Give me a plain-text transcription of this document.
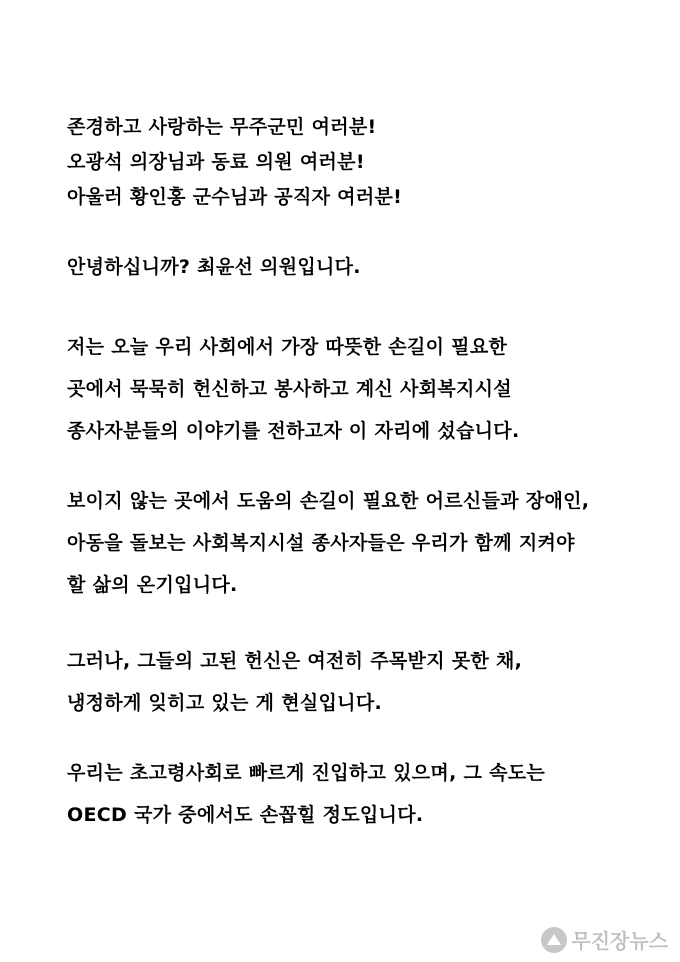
존경하고 사랑하는 무주군민 여러분!
오광석 의장님과 동료 의원 여러분!
아울러 황인홍 군수님과 공직자 여러분!
안녕하십니까? 최윤선 의원입니다.
저는 오늘 우리 사회에서 가장 따뜻한 손길이 필요한
곳에서 묵묵히 헌신하고 봉사하고 계신 사회복지시설
종사자분들의 이야기를 전하고자 이 자리에 섰습니다.
보이지 않는 곳에서 도움의 손길이 필요한 어르신들과 장애인,
아동을 돌보는 사회복지시설 종사자들은 우리가 함께 지켜야
할 삶의 온기입니다.
그러나, 그들의 고된 헌신은 여전히 주목받지 못한 채,
냉정하게 잊히고 있는 게 현실입니다.
우리는 초고령사회로 빠르게 진입하고 있으며, 그 속도는
OECD 국가 중에서도 손꼽힐 정도입니다.
무진장뉴스
